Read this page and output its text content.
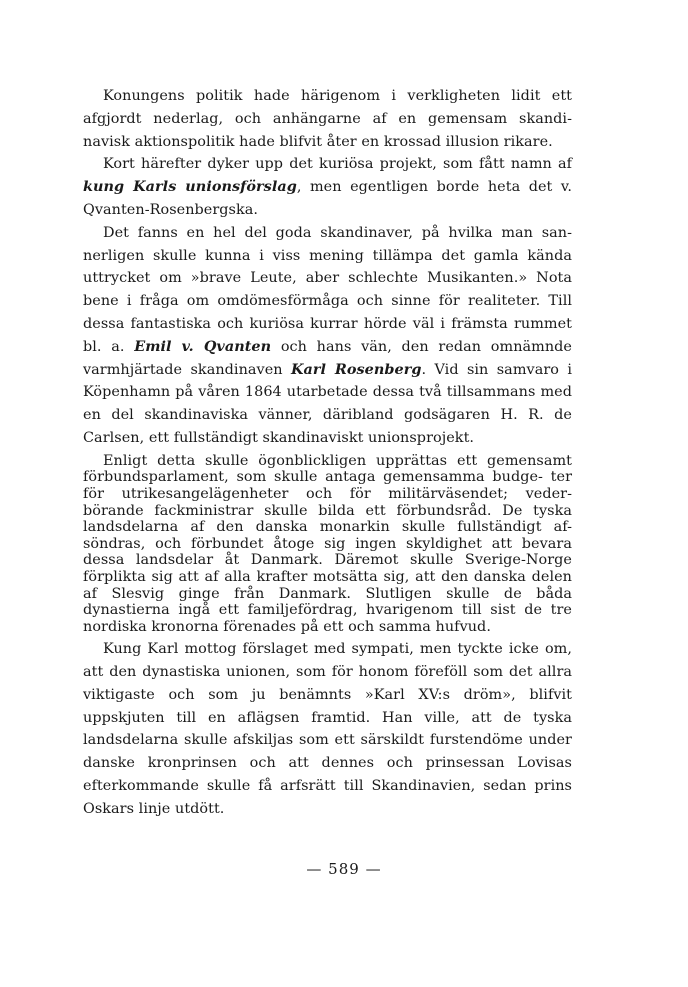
Konungens politik hade härigenom i verkligheten lidit ett afgjordt nederlag, och anhängarne af en gemensam skandi- navisk aktionspolitik hade blifvit åter en krossad illusion rikare.

Kort härefter dyker upp det kuriösa projekt, som fått namn af kung Karls unionsförslag, men egentligen borde heta det v. Qvanten-Rosenbergska.

Det fanns en hel del goda skandinaver, på hvilka man san- nerligen skulle kunna i viss mening tillämpa det gamla kända uttrycket om »brave Leute, aber schlechte Musikanten.» Nota bene i fråga om omdömesförmåga och sinne för realiteter. Till dessa fantastiska och kuriösa kurrar hörde väl i främsta rummet bl. a. Emil v. Qvanten och hans vän, den redan omnämnde varmhjärtade skandinaven Karl Rosenberg. Vid sin samvaro i Köpenhamn på våren 1864 utarbetade dessa två tillsammans med en del skandinaviska vänner, däribland godsägaren H. R. de Carlsen, ett fullständigt skandinaviskt unionsprojekt.

Enligt detta skulle ögonblickligen upprättas ett gemensamt förbundsparlament, som skulle antaga gemensamma budge- ter för utrikesangelägenheter och för militärväsendet; veder- börande fackministrar skulle bilda ett förbundsråd. De tyska landsdelarna af den danska monarkin skulle fullständigt af- söndras, och förbundet åtoge sig ingen skyldighet att bevara dessa landsdelar åt Danmark. Däremot skulle Sverige-Norge förplikta sig att af alla krafter motsätta sig, att den danska delen af Slesvig ginge från Danmark. Slutligen skulle de båda dynastierna ingå ett familjefördrag, hvarigenom till sist de tre nordiska kronorna förenades på ett och samma hufvud.

Kung Karl mottog förslaget med sympati, men tyckte icke om, att den dynastiska unionen, som för honom föreföll som det allra viktigaste och som ju benämnts »Karl XV:s dröm», blifvit uppskjuten till en aflägsen framtid. Han ville, att de tyska landsdelarna skulle afskiljas som ett särskildt furstendöme under danske kronprinsen och att dennes och prinsessan Lovisas efterkommande skulle få arfsrätt till Skandinavien, sedan prins Oskars linje utdött.

— 589 —
